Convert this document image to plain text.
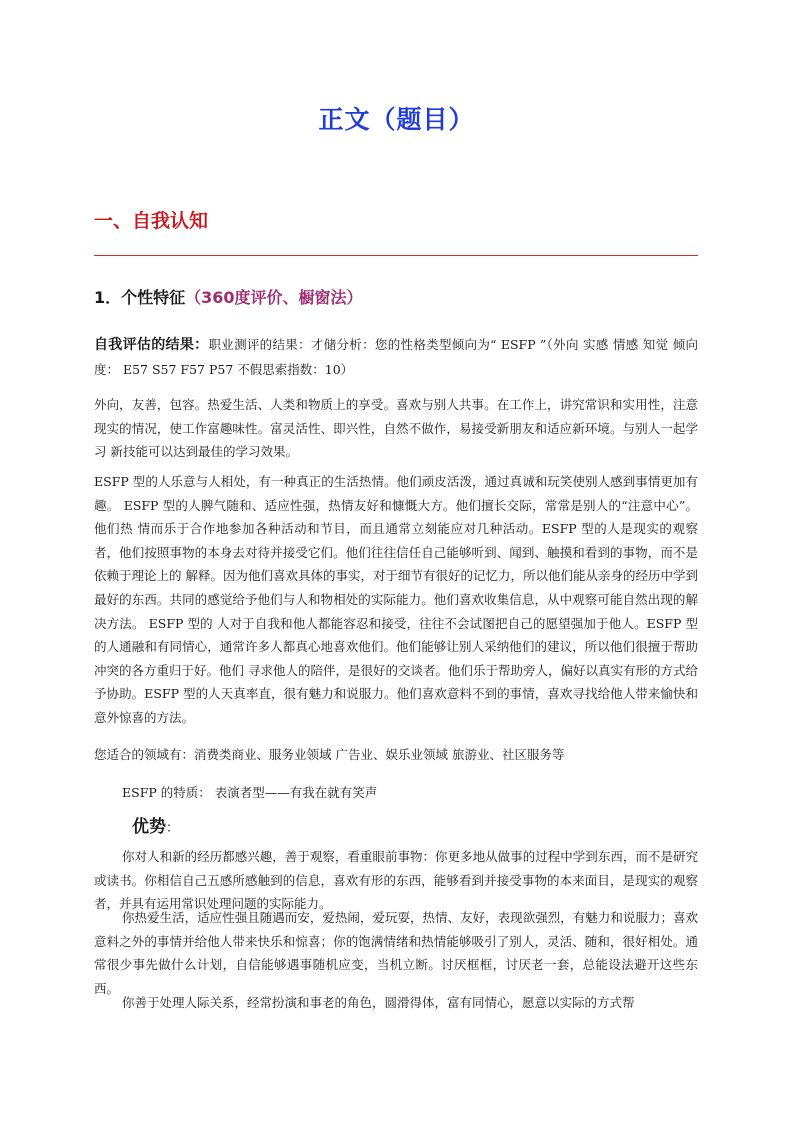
正文（题目）
一、自我认知
1．个性特征（360度评价、橱窗法）
自我评估的结果：职业测评的结果：才储分析：您的性格类型倾向为“ ESFP ”（外向 实感 情感 知觉 倾向度： E57 S57 F57 P57 不假思索指数：10）
外向，友善，包容。热爱生活、人类和物质上的享受。喜欢与别人共事。在工作上，讲究常识和实用性，注意现实的情况，使工作富趣味性。富灵活性、即兴性，自然不做作，易接受新朋友和适应新环境。与别人一起学习 新技能可以达到最佳的学习效果。
ESFP 型的人乐意与人相处，有一种真正的生活热情。他们顽皮活泼，通过真诚和玩笑使别人感到事情更加有趣。 ESFP 型的人脾气随和、适应性强，热情友好和慷慨大方。他们擅长交际，常常是别人的“注意中心”。他们热 情而乐于合作地参加各种活动和节目，而且通常立刻能应对几种活动。ESFP 型的人是现实的观察者，他们按照事物的本身去对待并接受它们。他们往往信任自己能够听到、闻到、触摸和看到的事物，而不是依赖于理论上的 解释。因为他们喜欢具体的事实，对于细节有很好的记忆力，所以他们能从亲身的经历中学到最好的东西。共同的感觉给予他们与人和物相处的实际能力。他们喜欢收集信息，从中观察可能自然出现的解决方法。 ESFP 型的 人对于自我和他人都能容忍和接受，往往不会试图把自己的愿望强加于他人。ESFP 型的人通融和有同情心，通常许多人都真心地喜欢他们。他们能够让别人采纳他们的建议，所以他们很擅于帮助冲突的各方重归于好。他们 寻求他人的陪伴，是很好的交谈者。他们乐于帮助旁人，偏好以真实有形的方式给予协助。ESFP 型的人天真率直，很有魅力和说服力。他们喜欢意料不到的事情，喜欢寻找给他人带来愉快和意外惊喜的方法。
您适合的领域有：消费类商业、服务业领域 广告业、娱乐业领域 旅游业、社区服务等
ESFP 的特质： 表演者型——有我在就有笑声
优势：
你对人和新的经历都感兴趣，善于观察，看重眼前事物：你更多地从做事的过程中学到东西，而不是研究或读书。你相信自己五感所感触到的信息，喜欢有形的东西，能够看到并接受事物的本来面目，是现实的观察者，并具有运用常识处理问题的实际能力。
你热爱生活，适应性强且随遇而安，爱热闹，爱玩耍，热情、友好，表现欲强烈，有魅力和说服力；喜欢意料之外的事情并给他人带来快乐和惊喜；你的饱满情绪和热情能够吸引了别人，灵活、随和，很好相处。通常很少事先做什么计划，自信能够遇事随机应变，当机立断。讨厌框框，讨厌老一套，总能设法避开这些东西。
你善于处理人际关系，经常扮演和事老的角色，圆滑得体，富有同情心，愿意以实际的方式帮
